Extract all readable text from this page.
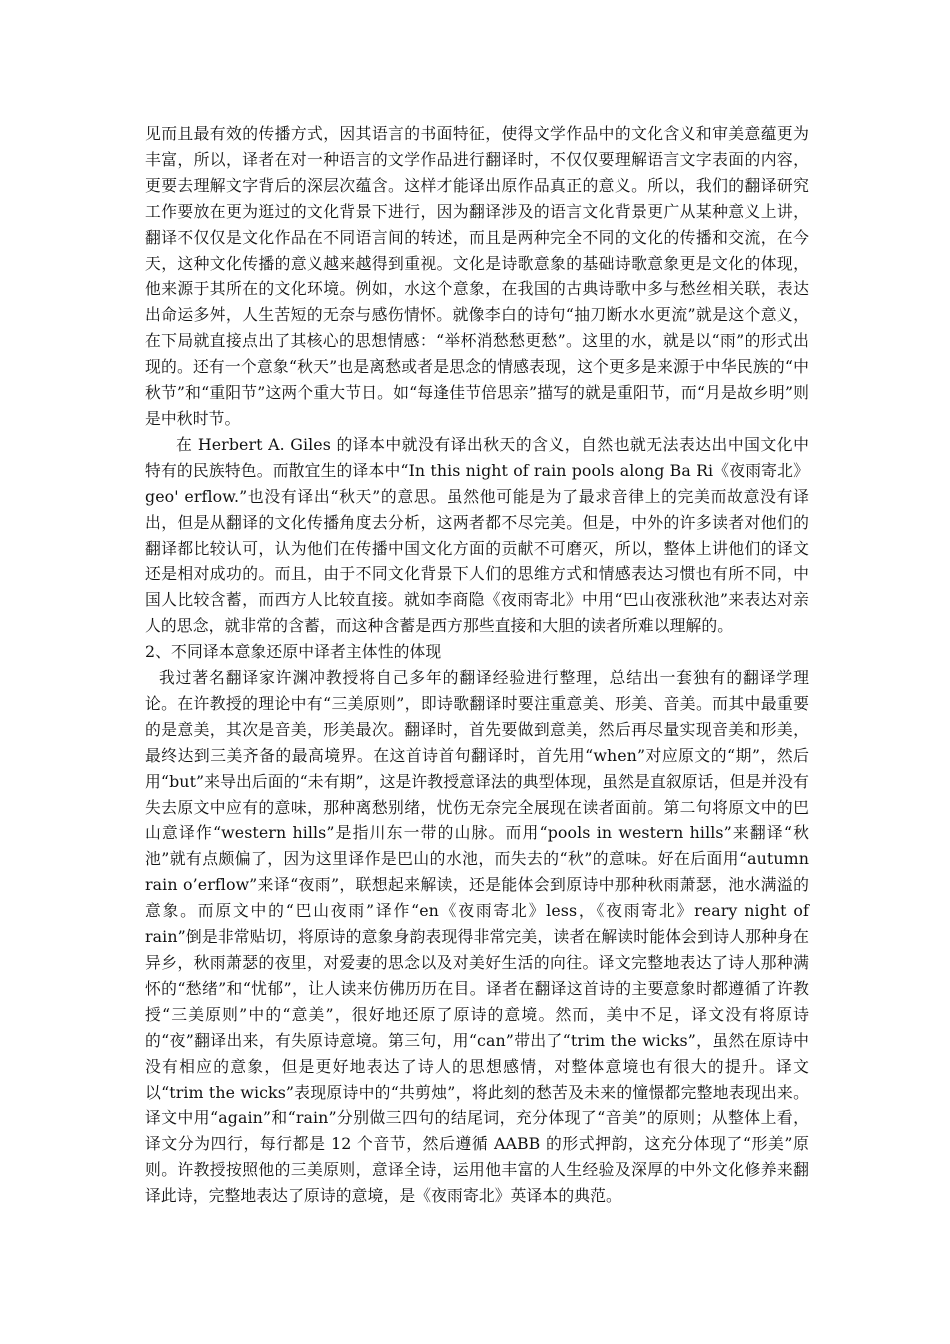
见而且最有效的传播方式，因其语言的书面特征，使得文学作品中的文化含义和审美意蕴更为丰富，所以，译者在对一种语言的文学作品进行翻译时，不仅仅要理解语言文字表面的内容，更要去理解文字背后的深层次蕴含。这样才能译出原作品真正的意义。所以，我们的翻译研究工作要放在更为逛过的文化背景下进行，因为翻译涉及的语言文化背景更广从某种意义上讲，翻译不仅仅是文化作品在不同语言间的转述，而且是两种完全不同的文化的传播和交流，在今天，这种文化传播的意义越来越得到重视。文化是诗歌意象的基础诗歌意象更是文化的体现，他来源于其所在的文化环境。例如，水这个意象，在我国的古典诗歌中多与愁丝相关联，表达出命运多舛，人生苦短的无奈与感伤情怀。就像李白的诗句“抽刀断水水更流”就是这个意义，在下局就直接点出了其核心的思想情感：“举杯消愁愁更愁”。这里的水，就是以“雨”的形式出现的。还有一个意象“秋天”也是离愁或者是思念的情感表现，这个更多是来源于中华民族的“中秋节”和“重阳节”这两个重大节日。如“每逢佳节倍思亲”描写的就是重阳节，而“月是故乡明”则是中秋时节。

在 Herbert A. Giles 的译本中就没有译出秋天的含义，自然也就无法表达出中国文化中特有的民族特色。而散宜生的译本中“In this night of rain pools along Ba Ri《夜雨寄北》geo' erflow.”也没有译出“秋天”的意思。虽然他可能是为了最求音律上的完美而故意没有译出，但是从翻译的文化传播角度去分析，这两者都不尽完美。但是，中外的许多读者对他们的翻译都比较认可，认为他们在传播中国文化方面的贡献不可磨灭，所以，整体上讲他们的译文还是相对成功的。而且，由于不同文化背景下人们的思维方式和情感表达习惯也有所不同，中国人比较含蓄，而西方人比较直接。就如李商隐《夜雨寄北》中用“巴山夜涨秋池”来表达对亲人的思念，就非常的含蓄，而这种含蓄是西方那些直接和大胆的读者所难以理解的。

2、不同译本意象还原中译者主体性的体现

我过著名翻译家许渊冲教授将自己多年的翻译经验进行整理，总结出一套独有的翻译学理论。在许教授的理论中有“三美原则”，即诗歌翻译时要注重意美、形美、音美。而其中最重要的是意美，其次是音美，形美最次。翻译时，首先要做到意美，然后再尽量实现音美和形美，最终达到三美齐备的最高境界。在这首诗首句翻译时，首先用“when”对应原文的“期”，然后用“but”来导出后面的“未有期”，这是许教授意译法的典型体现，虽然是直叙原话，但是并没有失去原文中应有的意味，那种离愁别绪，忧伤无奈完全展现在读者面前。第二句将原文中的巴山意译作“western hills”是指川东一带的山脉。而用“pools in western hills”来翻译“秋池”就有点颇偏了，因为这里译作是巴山的水池，而失去的“秋”的意味。好在后面用“autumn rain o’erflow”来译“夜雨”，联想起来解读，还是能体会到原诗中那种秋雨萧瑟，池水满溢的意象。而原文中的“巴山夜雨”译作“en《夜雨寄北》less，《夜雨寄北》reary night of rain”倒是非常贴切，将原诗的意象身韵表现得非常完美，读者在解读时能体会到诗人那种身在异乡，秋雨萧瑟的夜里，对爱妻的思念以及对美好生活的向往。译文完整地表达了诗人那种满怀的“愁绪”和“忧郁”，让人读来仿佛历历在目。译者在翻译这首诗的主要意象时都遵循了许教授“三美原则”中的“意美”，很好地还原了原诗的意境。然而，美中不足，译文没有将原诗的“夜”翻译出来，有失原诗意境。第三句，用“can”带出了“trim the wicks”，虽然在原诗中没有相应的意象，但是更好地表达了诗人的思想感情，对整体意境也有很大的提升。译文以“trim the wicks”表现原诗中的“共剪烛”，将此刻的愁苦及未来的憧憬都完整地表现出来。译文中用“again”和“rain”分别做三四句的结尾词，充分体现了“音美”的原则；从整体上看，译文分为四行，每行都是 12 个音节，然后遵循 AABB 的形式押韵，这充分体现了“形美”原则。许教授按照他的三美原则，意译全诗，运用他丰富的人生经验及深厚的中外文化修养来翻译此诗，完整地表达了原诗的意境，是《夜雨寄北》英译本的典范。
